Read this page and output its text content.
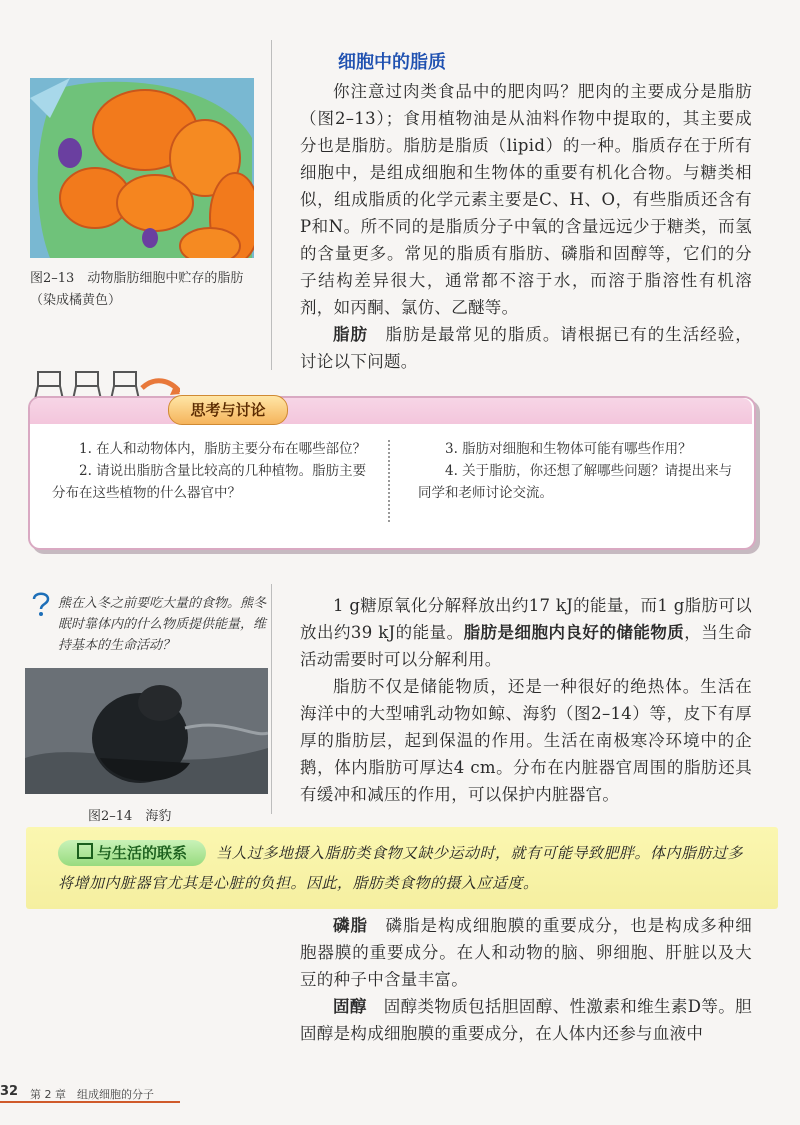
图2–13　动物脂肪细胞中贮存的脂肪（染成橘黄色）
细胞中的脂质

你注意过肉类食品中的肥肉吗？肥肉的主要成分是脂肪（图2–13）；食用植物油是从油料作物中提取的，其主要成分也是脂肪。脂肪是脂质（lipid）的一种。脂质存在于所有细胞中，是组成细胞和生物体的重要有机化合物。与糖类相似，组成脂质的化学元素主要是C、H、O，有些脂质还含有P和N。所不同的是脂质分子中氧的含量远远少于糖类，而氢的含量更多。常见的脂质有脂肪、磷脂和固醇等，它们的分子结构差异很大，通常都不溶于水，而溶于脂溶性有机溶剂，如丙酮、氯仿、乙醚等。

脂肪　 脂肪是最常见的脂质。请根据已有的生活经验，讨论以下问题。

思考与讨论

1. 在人和动物体内，脂肪主要分布在哪些部位？

2. 请说出脂肪含量比较高的几种植物。脂肪主要分布在这些植物的什么器官中？

3. 脂肪对细胞和生物体可能有哪些作用？

4. 关于脂肪，你还想了解哪些问题？请提出来与同学和老师讨论交流。

熊在入冬之前要吃大量的食物。熊冬眠时靠体内的什么物质提供能量，维持基本的生命活动？
图2–14　海豹

1 g糖原氧化分解释放出约17 kJ的能量，而1 g脂肪可以放出约39 kJ的能量。脂肪是细胞内良好的储能物质，当生命活动需要时可以分解利用。

脂肪不仅是储能物质，还是一种很好的绝热体。生活在海洋中的大型哺乳动物如鲸、海豹（图2–14）等，皮下有厚厚的脂肪层，起到保温的作用。生活在南极寒冷环境中的企鹅，体内脂肪可厚达4 cm。分布在内脏器官周围的脂肪还具有缓冲和减压的作用，可以保护内脏器官。

与生活的联系	当人过多地摄入脂肪类食物又缺少运动时，就有可能导致肥胖。体内脂肪过多将增加内脏器官尤其是心脏的负担。因此，脂肪类食物的摄入应适度。

磷脂　 磷脂是构成细胞膜的重要成分，也是构成多种细胞器膜的重要成分。在人和动物的脑、卵细胞、肝脏以及大豆的种子中含量丰富。

固醇　 固醇类物质包括胆固醇、性激素和维生素D等。胆固醇是构成细胞膜的重要成分，在人体内还参与血液中

32 第 2 章　组成细胞的分子
